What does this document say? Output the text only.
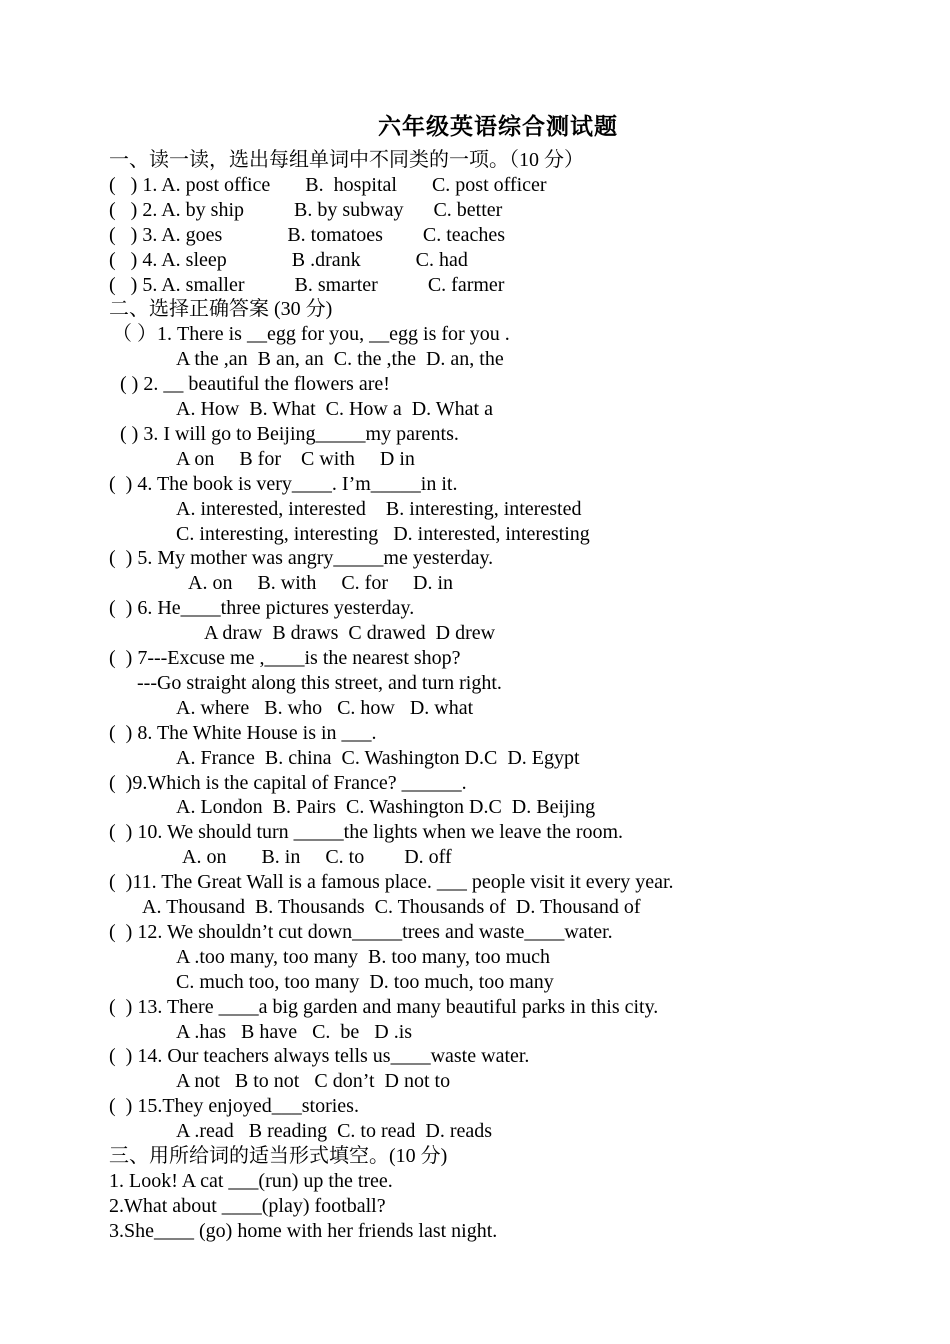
六年级英语综合测试题
一、读一读，选出每组单词中不同类的一项。（10 分）
(   ) 1. A. post office       B.  hospital       C. post officer
(   ) 2. A. by ship          B. by subway      C. better
(   ) 3. A. goes             B. tomatoes        C. teaches
(   ) 4. A. sleep             B .drank           C. had
(   ) 5. A. smaller          B. smarter          C. farmer
二、选择正确答案 (30 分)
（ ）1. There is __egg for you, __egg is for you .
A the ,an  B an, an  C. the ,the  D. an, the
( ) 2. __ beautiful the flowers are!
A. How  B. What  C. How a  D. What a
( ) 3. I will go to Beijing_____my parents.
A on     B for    C with     D in
(  ) 4. The book is very____. I’m_____in it.
A. interested, interested    B. interesting, interested
C. interesting, interesting   D. interested, interesting
(  ) 5. My mother was angry_____me yesterday.
A. on     B. with     C. for     D. in
(  ) 6. He____three pictures yesterday.
A draw  B draws  C drawed  D drew
(  ) 7---Excuse me ,____is the nearest shop?
---Go straight along this street, and turn right.
A. where   B. who   C. how   D. what
(  ) 8. The White House is in ___.
A. France  B. china  C. Washington D.C  D. Egypt
(  )9.Which is the capital of France? ______.
A. London  B. Pairs  C. Washington D.C  D. Beijing
(  ) 10. We should turn _____the lights when we leave the room.
A. on       B. in     C. to        D. off
(  )11. The Great Wall is a famous place. ___ people visit it every year.
A. Thousand  B. Thousands  C. Thousands of  D. Thousand of
(  ) 12. We shouldn’t cut down_____trees and waste____water.
A .too many, too many  B. too many, too much
C. much too, too many  D. too much, too many
(  ) 13. There ____a big garden and many beautiful parks in this city.
A .has   B have   C.  be   D .is
(  ) 14. Our teachers always tells us____waste water.
A not   B to not   C don’t  D not to
(  ) 15.They enjoyed___stories.
A .read   B reading  C. to read  D. reads
三、用所给词的适当形式填空。(10 分)
1. Look! A cat ___(run) up the tree.
2.What about ____(play) football?
3.She____ (go) home with her friends last night.
